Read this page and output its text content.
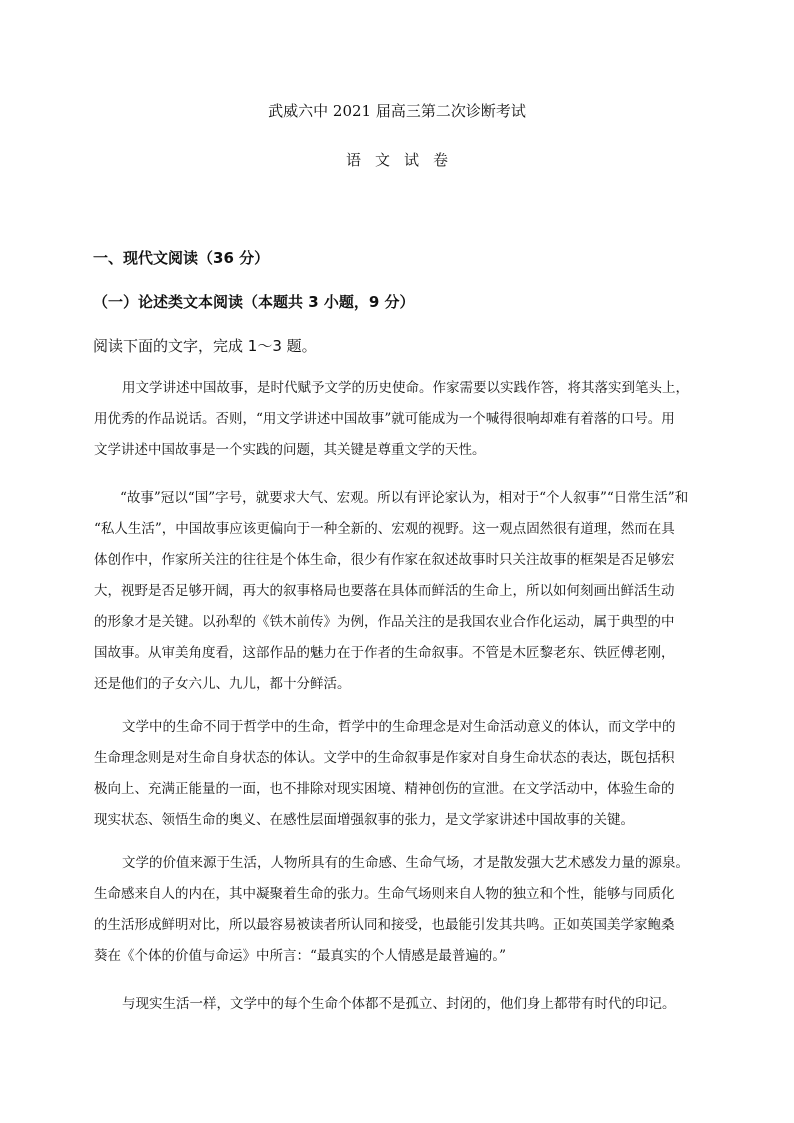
武威六中 2021 届高三第二次诊断考试
语文试卷
一、现代文阅读（36 分）
（一）论述类文本阅读（本题共 3 小题，9 分）
阅读下面的文字，完成 1～3 题。
用文学讲述中国故事，是时代赋予文学的历史使命。作家需要以实践作答，将其落实到笔头上，
用优秀的作品说话。否则，“用文学讲述中国故事”就可能成为一个喊得很响却难有着落的口号。用
文学讲述中国故事是一个实践的问题，其关键是尊重文学的天性。
“故事”冠以“国”字号，就要求大气、宏观。所以有评论家认为，相对于“个人叙事”“日常生活”和
“私人生活”，中国故事应该更偏向于一种全新的、宏观的视野。这一观点固然很有道理，然而在具
体创作中，作家所关注的往往是个体生命，很少有作家在叙述故事时只关注故事的框架是否足够宏
大，视野是否足够开阔，再大的叙事格局也要落在具体而鲜活的生命上，所以如何刻画出鲜活生动
的形象才是关键。以孙犁的《铁木前传》为例，作品关注的是我国农业合作化运动，属于典型的中
国故事。从审美角度看，这部作品的魅力在于作者的生命叙事。不管是木匠黎老东、铁匠傅老刚，
还是他们的子女六儿、九儿，都十分鲜活。
文学中的生命不同于哲学中的生命，哲学中的生命理念是对生命活动意义的体认，而文学中的
生命理念则是对生命自身状态的体认。文学中的生命叙事是作家对自身生命状态的表达，既包括积
极向上、充满正能量的一面，也不排除对现实困境、精神创伤的宣泄。在文学活动中，体验生命的
现实状态、领悟生命的奥义、在感性层面增强叙事的张力，是文学家讲述中国故事的关键。
文学的价值来源于生活，人物所具有的生命感、生命气场，才是散发强大艺术感发力量的源泉。
生命感来自人的内在，其中凝聚着生命的张力。生命气场则来自人物的独立和个性，能够与同质化
的生活形成鲜明对比，所以最容易被读者所认同和接受，也最能引发其共鸣。正如英国美学家鲍桑
葵在《个体的价值与命运》中所言：“最真实的个人情感是最普遍的。”
与现实生活一样，文学中的每个生命个体都不是孤立、封闭的，他们身上都带有时代的印记。
